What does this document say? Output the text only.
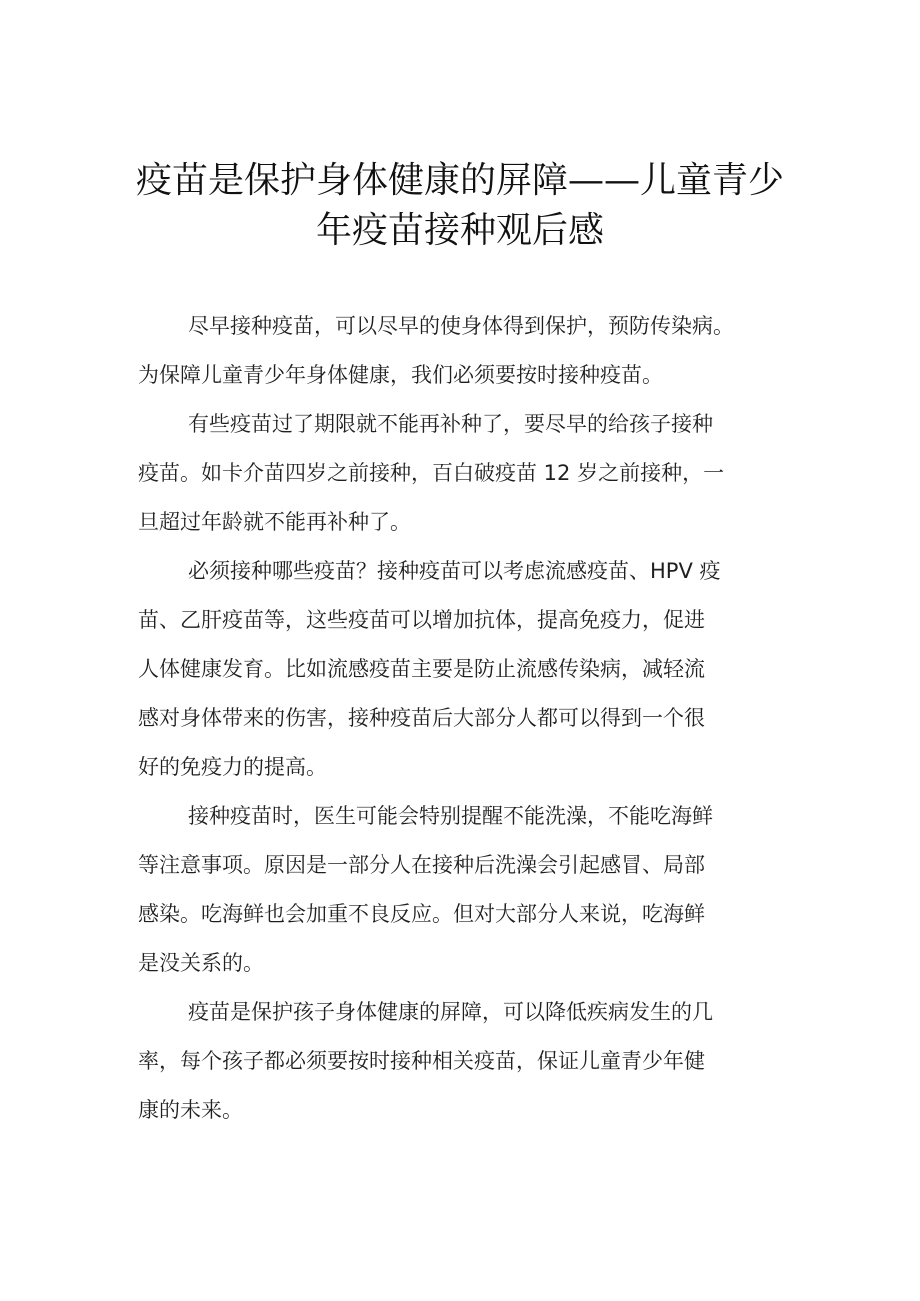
疫苗是保护身体健康的屏障——儿童青少
年疫苗接种观后感
尽早接种疫苗，可以尽早的使身体得到保护，预防传染病。
为保障儿童青少年身体健康，我们必须要按时接种疫苗。
有些疫苗过了期限就不能再补种了，要尽早的给孩子接种
疫苗。如卡介苗四岁之前接种，百白破疫苗 12 岁之前接种，一
旦超过年龄就不能再补种了。
必须接种哪些疫苗？接种疫苗可以考虑流感疫苗、HPV 疫
苗、乙肝疫苗等，这些疫苗可以增加抗体，提高免疫力，促进
人体健康发育。比如流感疫苗主要是防止流感传染病，减轻流
感对身体带来的伤害，接种疫苗后大部分人都可以得到一个很
好的免疫力的提高。
接种疫苗时，医生可能会特别提醒不能洗澡，不能吃海鲜
等注意事项。原因是一部分人在接种后洗澡会引起感冒、局部
感染。吃海鲜也会加重不良反应。但对大部分人来说，吃海鲜
是没关系的。
疫苗是保护孩子身体健康的屏障，可以降低疾病发生的几
率，每个孩子都必须要按时接种相关疫苗，保证儿童青少年健
康的未来。
